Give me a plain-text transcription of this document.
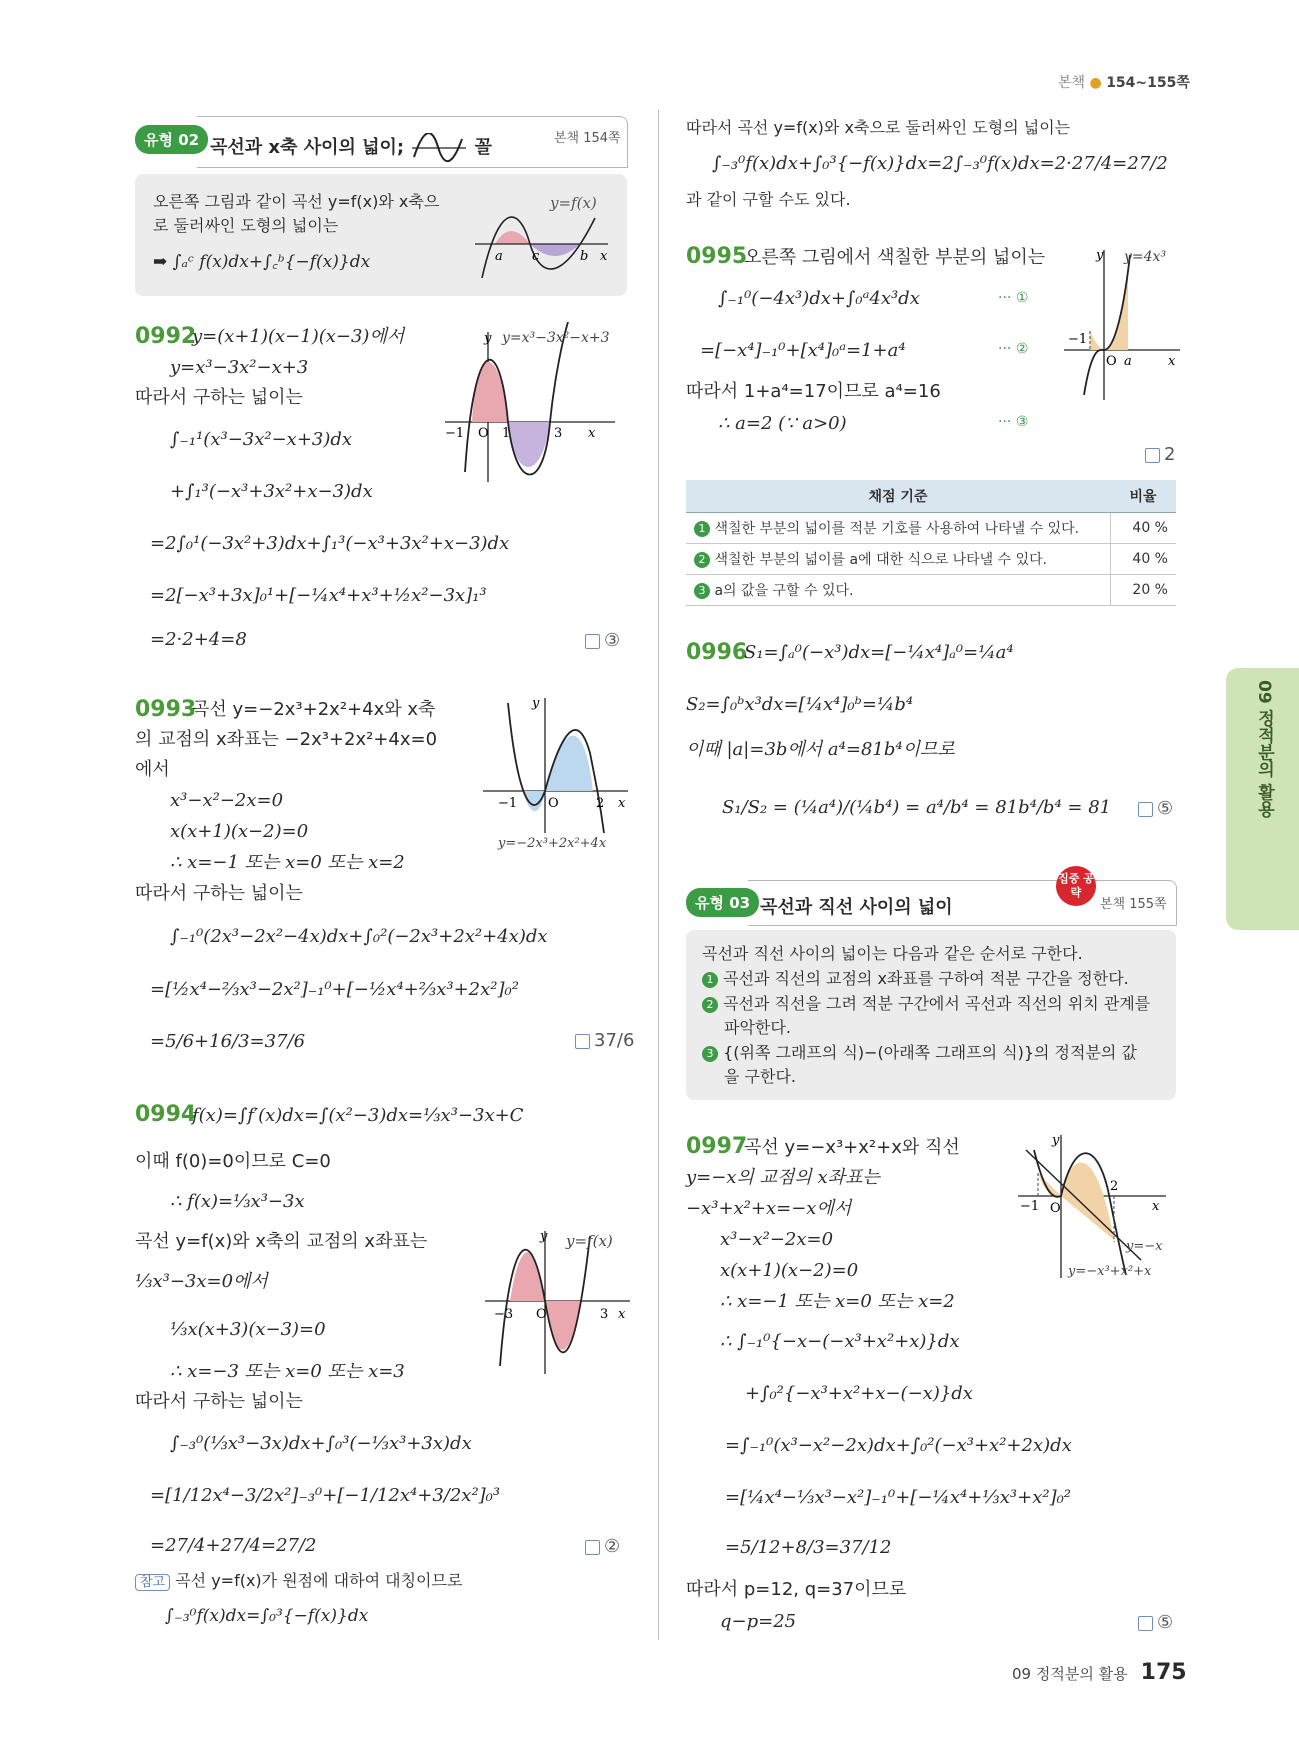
본책 ● 154~155쪽
유형 02 곡선과 x축 사이의 넓이;	꼴	본책 154쪽
오른쪽 그림과 같이 곡선 y=f(x)와 x축으
로 둘러싸인 도형의 넓이는
➡ ∫ₐᶜ f(x)dx+∫꜀ᵇ{−f(x)}dx
y=f(x)
a c	b x
0992
y=(x+1)(x−1)(x−3)에서
y=x³−3x²−x+3
따라서 구하는 넓이는
∫₋₁¹(x³−3x²−x+3)dx
+∫₁³(−x³+3x²+x−3)dx
=2∫₀¹(−3x²+3)dx+∫₁³(−x³+3x²+x−3)dx
=2[−x³+3x]₀¹+[−¼x⁴+x³+½x²−3x]₁³
=2·2+4=8	③
y y=x³−3x²−x+3
−1 O 1	3 x
0993
곡선 y=−2x³+2x²+4x와 x축
의 교점의 x좌표는 −2x³+2x²+4x=0
에서
x³−x²−2x=0
x(x+1)(x−2)=0
∴ x=−1 또는 x=0 또는 x=2
따라서 구하는 넓이는
∫₋₁⁰(2x³−2x²−4x)dx+∫₀²(−2x³+2x²+4x)dx
=[½x⁴−⅔x³−2x²]₋₁⁰+[−½x⁴+⅔x³+2x²]₀²
=5/6+16/3=37/6	37/6
y
−1 O	2 x
y=−2x³+2x²+4x
0994
f(x)=∫f′(x)dx=∫(x²−3)dx=⅓x³−3x+C
이때 f(0)=0이므로 C=0
∴ f(x)=⅓x³−3x
곡선 y=f(x)와 x축의 교점의 x좌표는
⅓x³−3x=0에서
⅓x(x+3)(x−3)=0
∴ x=−3 또는 x=0 또는 x=3
따라서 구하는 넓이는
∫₋₃⁰(⅓x³−3x)dx+∫₀³(−⅓x³+3x)dx
=[1/12x⁴−3/2x²]₋₃⁰+[−1/12x⁴+3/2x²]₀³
=27/4+27/4=27/2	②
참고 곡선 y=f(x)가 원점에 대하여 대칭이므로
∫₋₃⁰f(x)dx=∫₀³{−f(x)}dx
y y=f(x)
−3 O	3 x
따라서 곡선 y=f(x)와 x축으로 둘러싸인 도형의 넓이는
∫₋₃⁰f(x)dx+∫₀³{−f(x)}dx=2∫₋₃⁰f(x)dx=2·27/4=27/2
과 같이 구할 수도 있다.
0995
오른쪽 그림에서 색칠한 부분의 넓이는
∫₋₁⁰(−4x³)dx+∫₀ᵃ4x³dx
=[−x⁴]₋₁⁰+[x⁴]₀ᵃ=1+a⁴
따라서 1+a⁴=17이므로 a⁴=16
∴ a=2 (∵ a>0)
··· ①
··· ②
··· ③
2
y y=4x³
−1
O a	x
채점 기준	비율
1 색칠한 부분의 넓이를 적분 기호를 사용하여 나타낼 수 있다.	40 %
2 색칠한 부분의 넓이를 a에 대한 식으로 나타낼 수 있다.	40 %
3 a의 값을 구할 수 있다.	20 %
0996
S₁=∫ₐ⁰(−x³)dx=[−¼x⁴]ₐ⁰=¼a⁴
S₂=∫₀ᵇx³dx=[¼x⁴]₀ᵇ=¼b⁴
이때 |a|=3b에서 a⁴=81b⁴이므로
S₁/S₂ = (¼a⁴)/(¼b⁴) = a⁴/b⁴ = 81b⁴/b⁴ = 81	⑤
유형 03 곡선과 직선 사이의 넓이
집중 공략
본책 155쪽
곡선과 직선 사이의 넓이는 다음과 같은 순서로 구한다.
1 곡선과 직선의 교점의 x좌표를 구하여 적분 구간을 정한다.
2 곡선과 직선을 그려 적분 구간에서 곡선과 직선의 위치 관계를
파악한다.
3 {(위쪽 그래프의 식)−(아래쪽 그래프의 식)}의 정적분의 값
을 구한다.
0997
곡선 y=−x³+x²+x와 직선
y=−x의 교점의 x좌표는
−x³+x²+x=−x에서
x³−x²−2x=0
x(x+1)(x−2)=0
∴ x=−1 또는 x=0 또는 x=2
∴ ∫₋₁⁰{−x−(−x³+x²+x)}dx
+∫₀²{−x³+x²+x−(−x)}dx
=∫₋₁⁰(x³−x²−2x)dx+∫₀²(−x³+x²+2x)dx
=[¼x⁴−⅓x³−x²]₋₁⁰+[−¼x⁴+⅓x³+x²]₀²
=5/12+8/3=37/12
따라서 p=12, q=37이므로
q−p=25	⑤
y
−1 O
2
x
y=−x
y=−x³+x²+x
09 정적분의 활용
09 정적분의 활용 175
